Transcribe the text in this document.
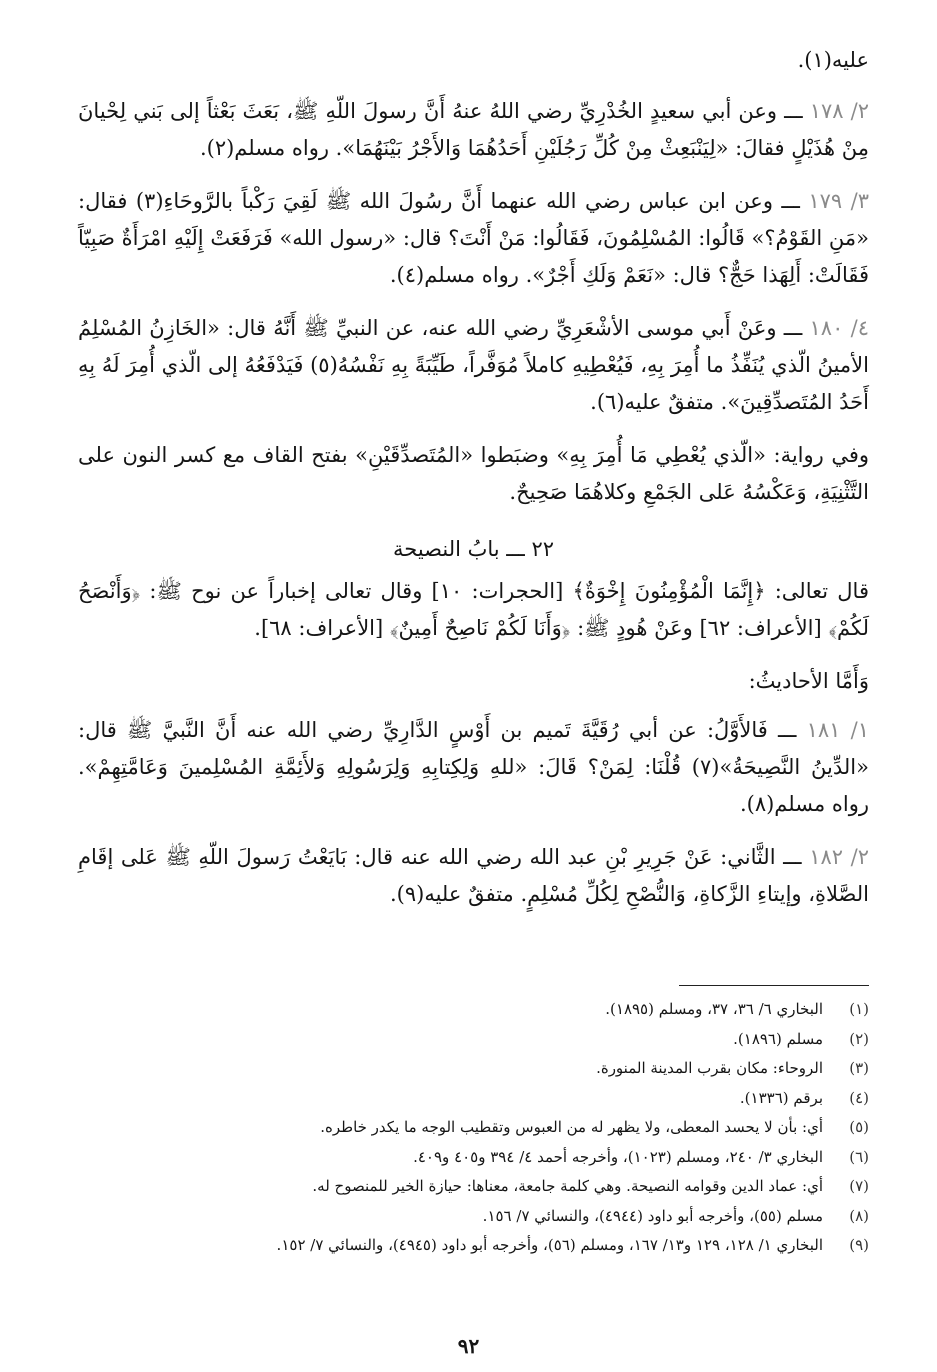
عليه(١).

٢/ ١٧٨ ـــ وعن أبي سعيدٍ الخُدْرِيِّ رضي اللهُ عنهُ أَنَّ رسولَ اللّهِ ﷺ، بَعَثَ بَعْثاً إلى بَني لِحْيانَ مِنْ هُذَيْلٍ فقالَ: «لِيَنْبَعِثْ مِنْ كُلِّ رَجُلَيْنِ أَحَدُهُمَا وَالأَجْرُ بَيْنَهُمَا». رواه مسلم(٢).

٣/ ١٧٩ ـــ وعن ابن عباس رضي الله عنهما أَنَّ رسُولَ الله ﷺ لَقِيَ رَكْباً بالرَّوحَاءِ(٣) فقال: «مَنِ القَوْمُ؟» قَالُوا: المُسْلِمُونَ، فَقَالُوا: مَنْ أَنْتَ؟ قال: «رسول الله» فَرَفَعَتْ إِلَيْهِ امْرَأَةٌ صَبِيّاً فَقَالَتْ: أَلِهَذا حَجٌّ؟ قال: «نَعَمْ وَلَكِ أَجْرٌ». رواه مسلم(٤).

٤/ ١٨٠ ـــ وعَنْ أَبي موسى الأشْعَرِيِّ رضي الله عنه، عن النبيِّ ﷺ أَنَّهُ قال: «الخَازِنُ المُسْلِمُ الأمينُ الّذي يُنَفِّذُ ما أُمِرَ بِهِ، فَيُعْطِيهِ كاملاً مُوَفَّراً، طَيِّبَةً بِهِ نَفْسُهُ(٥) فَيَدْفَعُهُ إلى الّذي أُمِرَ لَهُ بِهِ أَحَدُ المُتَصدِّقِينَ». متفقٌ عليه(٦).

وفي رواية: «الّذي يُعْطِي مَا أُمِرَ بِهِ» وضبَطوا «المُتَصدِّقَيْنِ» بفتح القاف مع كسر النون على التَّثْنِيَةِ، وَعَكْسُهُ عَلى الجَمْعِ وكلاهُمَا صَحِيحٌ.

٢٢ ـــ بابُ النصيحة

قال تعالى: ﴿إِنَّمَا الْمُؤْمِنُونَ إِخْوَةٌ﴾ [الحجرات: ١٠] وقال تعالى إخباراً عن نوح ﷺ: ﴿وَأَنْصَحُ لَكُمْ﴾ [الأعراف: ٦٢] وعَنْ هُودٍ ﷺ: ﴿وَأَنَا لَكُمْ نَاصِحٌ أَمِينٌ﴾ [الأعراف: ٦٨].

وَأَمَّا الأحاديثُ:

١/ ١٨١ ـــ فَالأَوَّلُ: عن أبي رُقَيَّةَ تَميم بن أَوْسٍ الدَّارِيِّ رضي الله عنه أَنَّ النَّبيَّ ﷺ قال: «الدِّينُ النَّصِيحَةُ»(٧) قُلْنَا: لِمَنْ؟ قَالَ: «للهِ وَلِكِتابِهِ وَلِرَسُولِهِ وَلأَئِمَّةِ المُسْلِمينَ وَعَامَّتِهِمْ». رواه مسلم(٨).

٢/ ١٨٢ ـــ الثَّاني: عَنْ جَرِيرِ بْنِ عبد الله رضي الله عنه قال: بَايَعْتُ رَسولَ اللّهِ ﷺ عَلى إقَامِ الصَّلاةِ، وإيتاءِ الزَّكاةِ، وَالنُّصْحِ لِكُلِّ مُسْلِمٍ. متفقٌ عليه(٩).

(١)
البخاري ٦/ ٣٦، ٣٧، ومسلم (١٨٩٥).
(٢)
مسلم (١٨٩٦).
(٣)
الروحاء: مكان بقرب المدينة المنورة.
(٤)
برقم (١٣٣٦).
(٥)
أي: بأن لا يحسد المعطى، ولا يظهر له من العبوس وتقطيب الوجه ما يكدر خاطره.
(٦)
البخاري ٣/ ٢٤٠، ومسلم (١٠٢٣)، وأخرجه أحمد ٤/ ٣٩٤ و٤٠٥ و٤٠٩.
(٧)
أي: عماد الدين وقوامه النصيحة. وهي كلمة جامعة، معناها: حيازة الخير للمنصوح له.
(٨)
مسلم (٥٥)، وأخرجه أبو داود (٤٩٤٤)، والنسائي ٧/ ١٥٦.
(٩)
البخاري ١/ ١٢٨، ١٢٩ و١٣/ ١٦٧، ومسلم (٥٦)، وأخرجه أبو داود (٤٩٤٥)، والنسائي ٧/ ١٥٢.
٩٢
